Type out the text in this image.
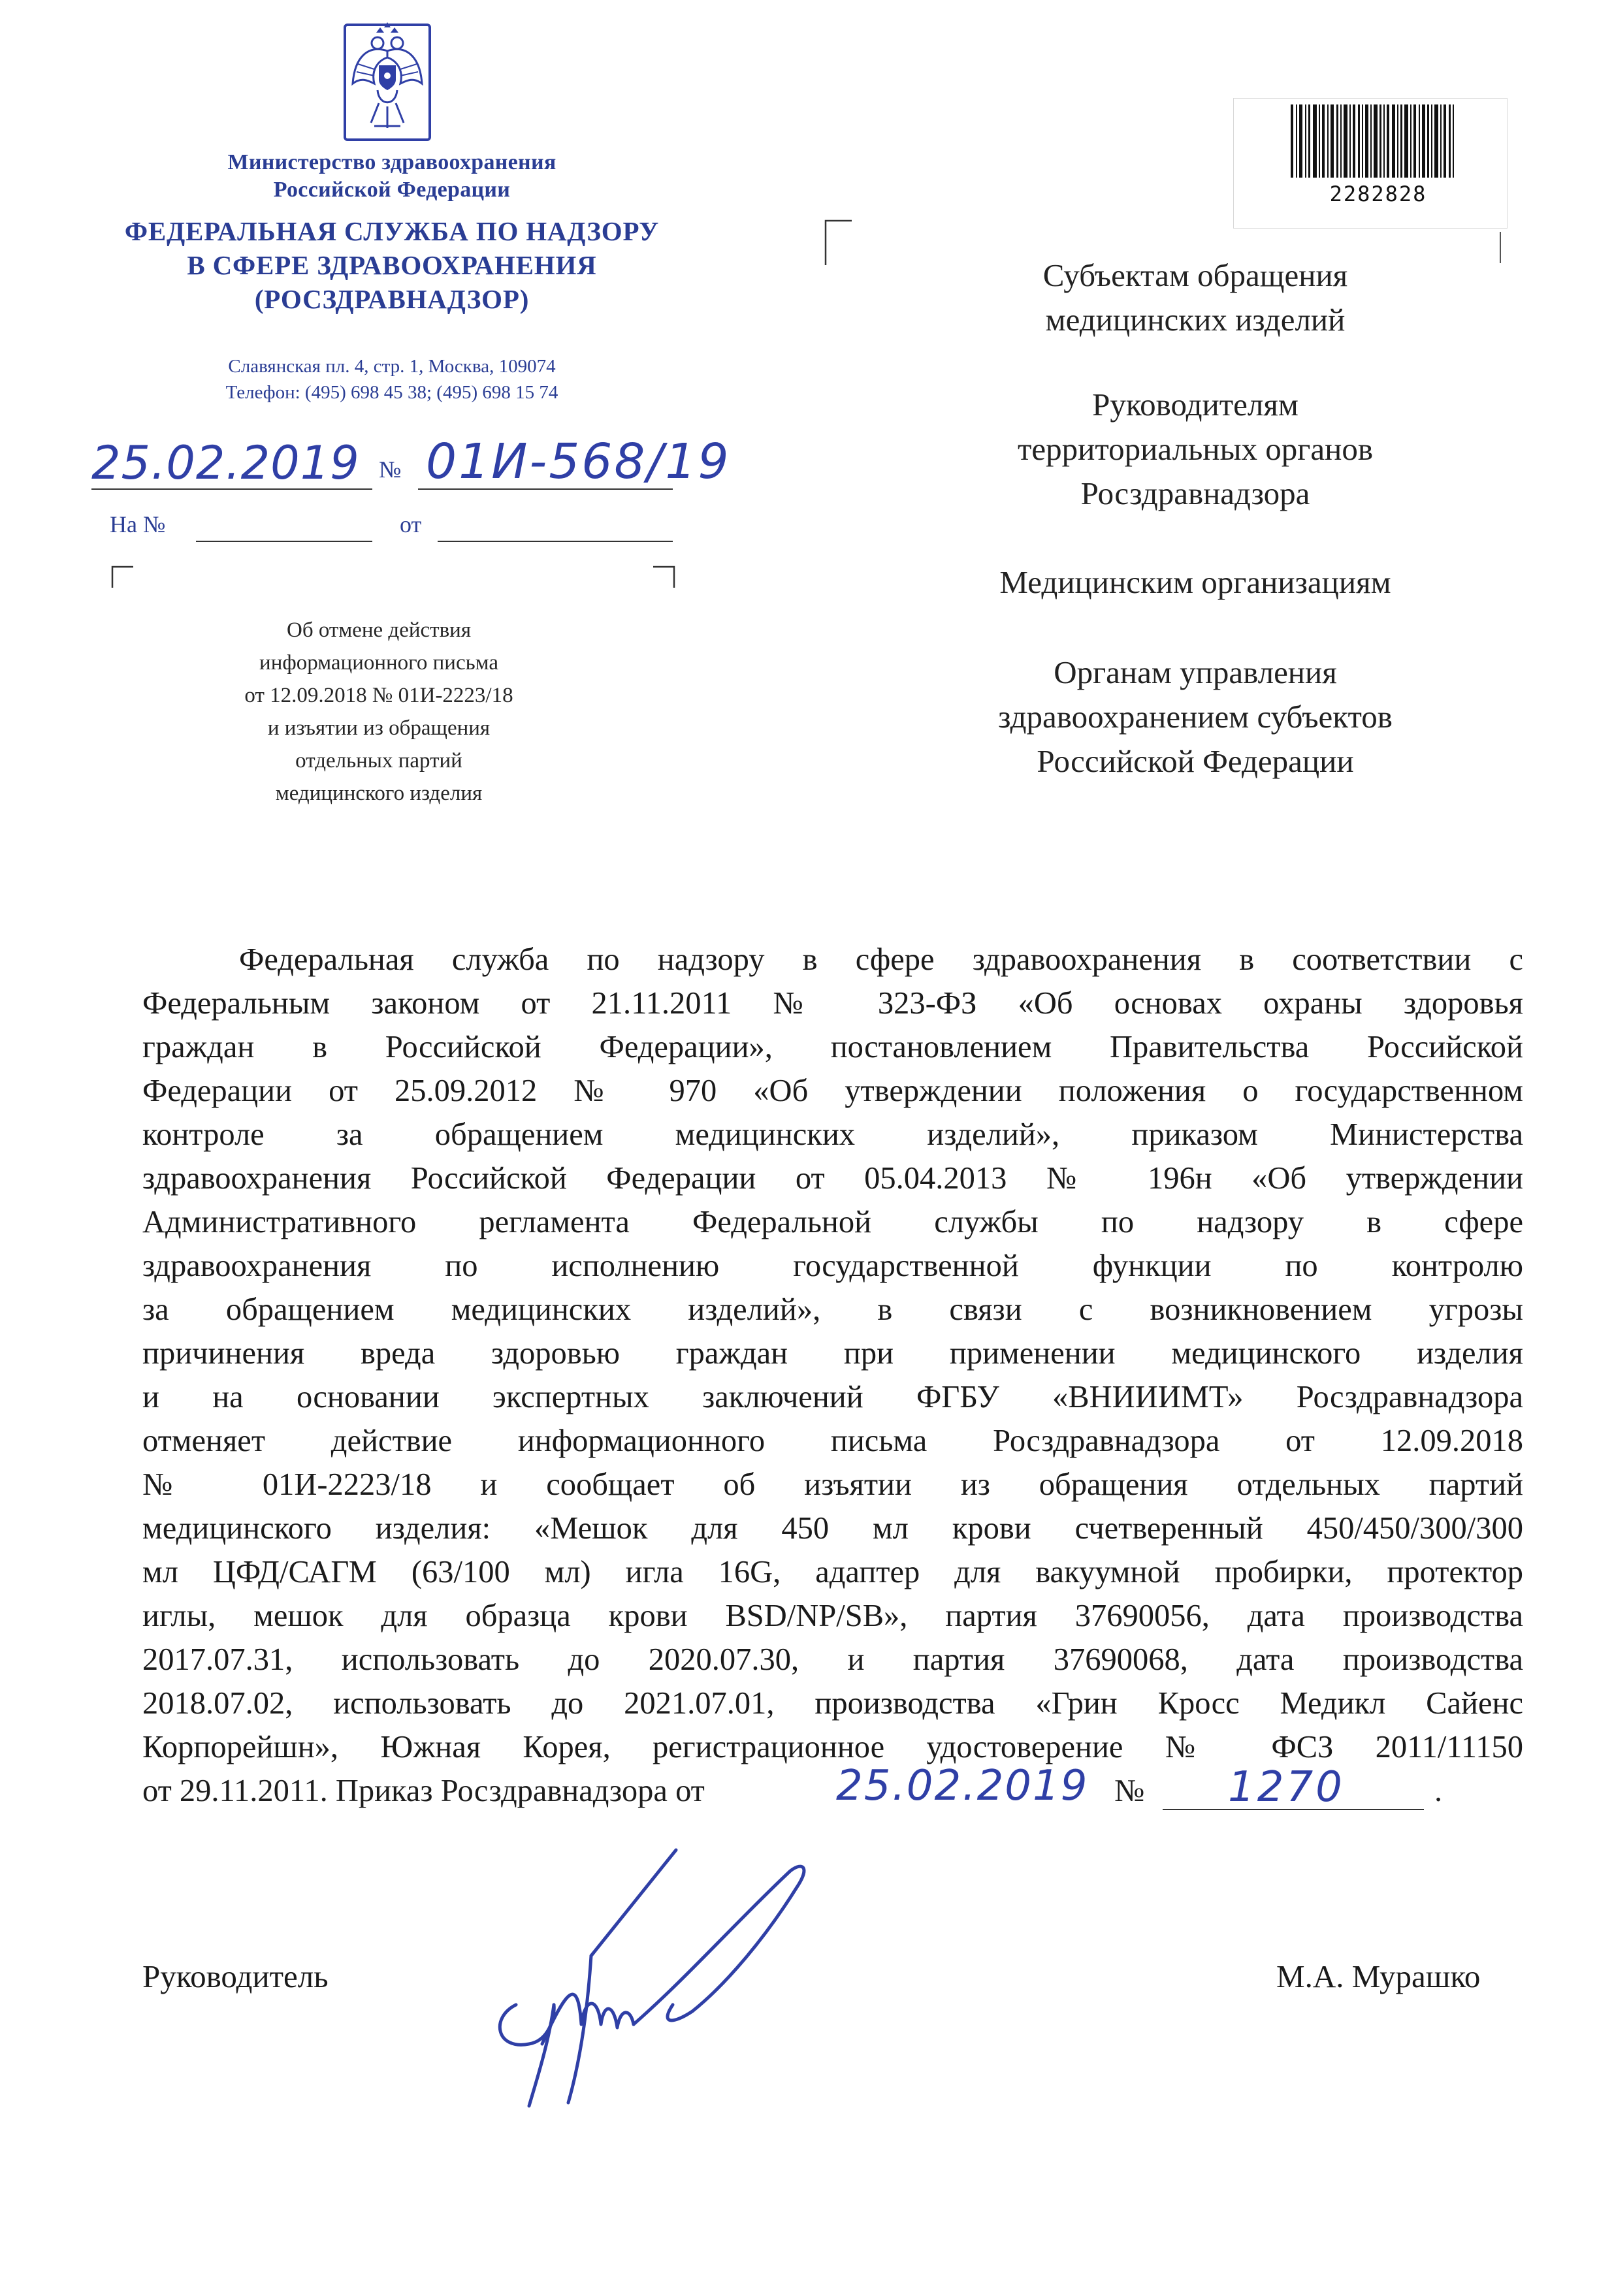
Министерство здравоохранения
Российской Федерации
ФЕДЕРАЛЬНАЯ СЛУЖБА ПО НАДЗОРУ
В СФЕРЕ ЗДРАВООХРАНЕНИЯ
(РОСЗДРАВНАДЗОР)
Славянская пл. 4, стр. 1, Москва, 109074
Телефон: (495) 698 45 38; (495) 698 15 74
25.02.2019 № 01И-568/19
На №	от
Об отмене действия
информационного письма
от 12.09.2018 № 01И-2223/18
и изъятии из обращения
отдельных партий
медицинского изделия
2282828
Субъектам обращения
медицинских изделий
Руководителям
территориальных органов
Росздравнадзора
Медицинским организациям
Органам управления
здравоохранением субъектов
Российской Федерации
Федеральная служба по надзору в сфере здравоохранения в соответствии с
Федеральным законом от 21.11.2011 № 323-ФЗ «Об основах охраны здоровья
граждан в Российской Федерации», постановлением Правительства Российской
Федерации от 25.09.2012 № 970 «Об утверждении положения о государственном
контроле за обращением медицинских изделий», приказом Министерства
здравоохранения Российской Федерации от 05.04.2013 № 196н «Об утверждении
Административного регламента Федеральной службы по надзору в сфере
здравоохранения по исполнению государственной функции по контролю
за обращением медицинских изделий», в связи с возникновением угрозы
причинения вреда здоровью граждан при применении медицинского изделия
и на основании экспертных заключений ФГБУ «ВНИИИМТ» Росздравнадзора
отменяет действие информационного письма Росздравнадзора от 12.09.2018
№ 01И-2223/18 и сообщает об изъятии из обращения отдельных партий
медицинского изделия: «Мешок для 450 мл крови счетверенный 450/450/300/300
мл ЦФД/САГМ (63/100 мл) игла 16G, адаптер для вакуумной пробирки, протектор
иглы, мешок для образца крови BSD/NP/SB», партия 37690056, дата производства
2017.07.31, использовать до 2020.07.30, и партия 37690068, дата производства
2018.07.02, использовать до 2021.07.01, производства «Грин Кросс Медикл Сайенс
Корпорейшн», Южная Корея, регистрационное удостоверение № ФСЗ 2011/11150
от 29.11.2011. Приказ Росздравнадзора от	25.02.2019 № 1270	.
Руководитель	М.А. Мурашко
